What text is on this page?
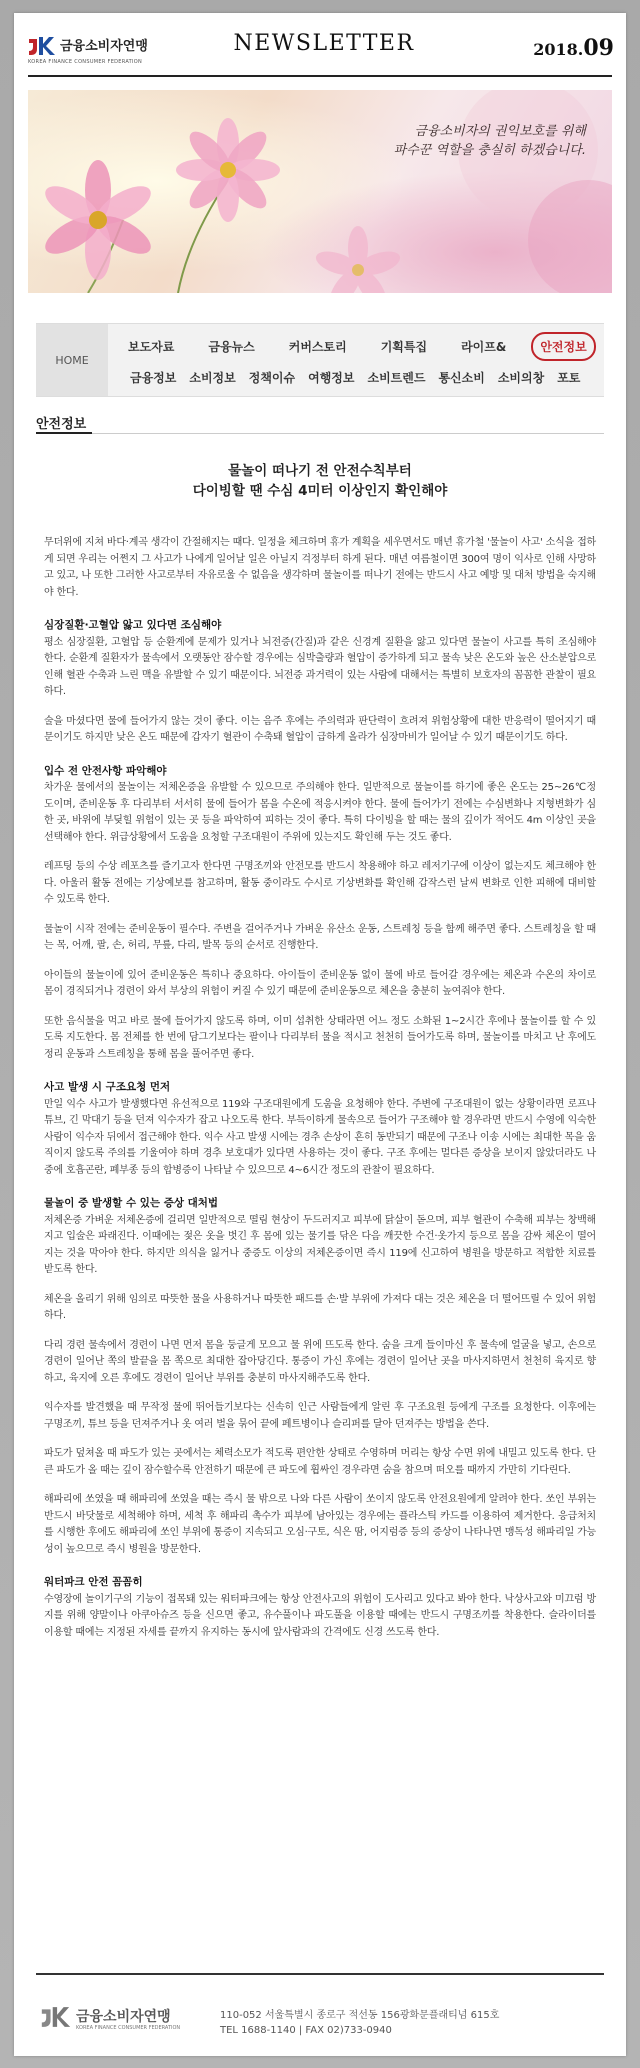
금융소비자연맹
KOREA FINANCE CONSUMER FEDERATION
NEWSLETTER	2018.09
금융소비자의 권익보호를 위해
파수꾼 역할을 충실히 하겠습니다.
HOME
보도자료	금융뉴스	커버스토리	기획특집	라이프&	안전정보
금융정보 소비정보 정책이슈 여행정보 소비트렌드 통신소비 소비의창 포토
안전정보
물놀이 떠나기 전 안전수칙부터
다이빙할 땐 수심 4미터 이상인지 확인해야

무더위에 지쳐 바다·계곡 생각이 간절해지는 때다. 일정을 체크하며 휴가 계획을 세우면서도 매년 휴가철 '물놀이 사고' 소식을 접하게 되면 우리는 어쩐지 그 사고가 나에게 일어날 일은 아닐지 걱정부터 하게 된다. 매년 여름철이면 300여 명이 익사로 인해 사망하고 있고, 나 또한 그러한 사고로부터 자유로울 수 없음을 생각하며 물놀이를 떠나기 전에는 반드시 사고 예방 및 대처 방법을 숙지해야 한다.

심장질환·고혈압 앓고 있다면 조심해야

평소 심장질환, 고혈압 등 순환계에 문제가 있거나 뇌전증(간질)과 같은 신경계 질환을 앓고 있다면 물놀이 사고를 특히 조심해야 한다. 순환계 질환자가 물속에서 오랫동안 잠수할 경우에는 심박출량과 혈압이 증가하게 되고 물속 낮은 온도와 높은 산소분압으로 인해 혈관 수축과 느린 맥을 유발할 수 있기 때문이다. 뇌전증 과거력이 있는 사람에 대해서는 특별히 보호자의 꼼꼼한 관찰이 필요하다.

술을 마셨다면 물에 들어가지 않는 것이 좋다. 이는 음주 후에는 주의력과 판단력이 흐려져 위험상황에 대한 반응력이 떨어지기 때문이기도 하지만 낮은 온도 때문에 갑자기 혈관이 수축돼 혈압이 급하게 올라가 심장마비가 일어날 수 있기 때문이기도 하다.

입수 전 안전사항 파악해야

차가운 물에서의 물놀이는 저체온증을 유발할 수 있으므로 주의해야 한다. 일반적으로 물놀이를 하기에 좋은 온도는 25~26℃정도이며, 준비운동 후 다리부터 서서히 물에 들어가 몸을 수온에 적응시켜야 한다. 물에 들어가기 전에는 수심변화나 지형변화가 심한 곳, 바위에 부딪힐 위험이 있는 곳 등을 파악하여 피하는 것이 좋다. 특히 다이빙을 할 때는 물의 깊이가 적어도 4m 이상인 곳을 선택해야 한다. 위급상황에서 도움을 요청할 구조대원이 주위에 있는지도 확인해 두는 것도 좋다.

레프팅 등의 수상 레포츠를 즐기고자 한다면 구명조끼와 안전모를 반드시 착용해야 하고 레저기구에 이상이 없는지도 체크해야 한다. 아울러 활동 전에는 기상예보를 참고하며, 활동 중이라도 수시로 기상변화를 확인해 갑작스런 날씨 변화로 인한 피해에 대비할 수 있도록 한다.

물놀이 시작 전에는 준비운동이 필수다. 주변을 걸어주거나 가벼운 유산소 운동, 스트레칭 등을 함께 해주면 좋다. 스트레칭을 할 때는 목, 어깨, 팔, 손, 허리, 무릎, 다리, 발목 등의 순서로 진행한다.

아이들의 물놀이에 있어 준비운동은 특히나 중요하다. 아이들이 준비운동 없이 물에 바로 들어갈 경우에는 체온과 수온의 차이로 몸이 경직되거나 경련이 와서 부상의 위험이 커질 수 있기 때문에 준비운동으로 체온을 충분히 높여줘야 한다.

또한 음식물을 먹고 바로 물에 들어가지 않도록 하며, 이미 섭취한 상태라면 어느 정도 소화된 1~2시간 후에나 물놀이를 할 수 있도록 지도한다. 몸 전체를 한 번에 담그기보다는 팔이나 다리부터 물을 적시고 천천히 들어가도록 하며, 물놀이를 마치고 난 후에도 정리 운동과 스트레칭을 통해 몸을 풀어주면 좋다.

사고 발생 시 구조요청 먼저

만일 익수 사고가 발생했다면 유선적으로 119와 구조대원에게 도움을 요청해야 한다. 주변에 구조대원이 없는 상황이라면 로프나 튜브, 긴 막대기 등을 던져 익수자가 잡고 나오도록 한다. 부득이하게 물속으로 들어가 구조해야 할 경우라면 반드시 수영에 익숙한 사람이 익수자 뒤에서 접근해야 한다. 익수 사고 발생 시에는 경추 손상이 흔히 동반되기 때문에 구조나 이송 시에는 최대한 목을 움직이지 않도록 주의를 기울여야 하며 경추 보호대가 있다면 사용하는 것이 좋다. 구조 후에는 멀다른 증상을 보이지 않았더라도 나중에 호흡곤란, 폐부종 등의 합병증이 나타날 수 있으므로 4~6시간 정도의 관찰이 필요하다.

물놀이 중 발생할 수 있는 증상 대처법

저체온증 가벼운 저체온증에 걸리면 일반적으로 떨림 현상이 두드러지고 피부에 닭살이 돋으며, 피부 혈관이 수축해 피부는 창백해지고 입술은 파래진다. 이때에는 젖은 옷을 벗긴 후 몸에 있는 물기를 닦은 다음 깨끗한 수건·옷가지 등으로 몸을 감싸 체온이 떨어지는 것을 막아야 한다. 하지만 의식을 잃거나 중증도 이상의 저체온증이면 즉시 119에 신고하여 병원을 방문하고 적합한 치료를 받도록 한다.

체온을 올리기 위해 임의로 따뜻한 물을 사용하거나 따뜻한 패드를 손·발 부위에 가져다 대는 것은 체온을 더 떨어뜨릴 수 있어 위험하다.

다리 경련 물속에서 경련이 나면 먼저 몸을 둥글게 모으고 물 위에 뜨도록 한다. 숨을 크게 들이마신 후 물속에 얼굴을 넣고, 손으로 경련이 일어난 쪽의 발끝을 몸 쪽으로 최대한 잡아당긴다. 통증이 가신 후에는 경련이 일어난 곳을 마사지하면서 천천히 육지로 향하고, 육지에 오른 후에도 경련이 일어난 부위를 충분히 마사지해주도록 한다.

익수자를 발견했을 때 무작정 물에 뛰어들기보다는 신속히 인근 사람들에게 알린 후 구조요원 등에게 구조를 요청한다. 이후에는 구명조끼, 튜브 등을 던져주거나 옷 여러 벌을 묶어 끝에 페트병이나 슬리퍼를 달아 던져주는 방법을 쓴다.

파도가 덮쳐올 때 파도가 있는 곳에서는 체력소모가 적도록 편안한 상태로 수영하며 머리는 항상 수면 위에 내밀고 있도록 한다. 단 큰 파도가 올 때는 깊이 잠수할수록 안전하기 때문에 큰 파도에 휩싸인 경우라면 숨을 참으며 떠오를 때까지 가만히 기다린다.

해파리에 쏘였을 때 해파리에 쏘였을 때는 즉시 물 밖으로 나와 다른 사람이 쏘이지 않도록 안전요원에게 알려야 한다. 쏘인 부위는 반드시 바닷물로 세척해야 하며, 세척 후 해파리 촉수가 피부에 남아있는 경우에는 플라스틱 카드를 이용하여 제거한다. 응급처치를 시행한 후에도 해파리에 쏘인 부위에 통증이 지속되고 오심·구토, 식은 땀, 어지럼증 등의 증상이 나타나면 맹독성 해파리일 가능성이 높으므로 즉시 병원을 방문한다.

워터파크 안전 꼼꼼히

수영장에 놀이기구의 기능이 접목돼 있는 워터파크에는 항상 안전사고의 위험이 도사리고 있다고 봐야 한다. 낙상사고와 미끄럼 방지를 위해 양말이나 아쿠아슈즈 등을 신으면 좋고, 유수풀이나 파도풀을 이용할 때에는 반드시 구명조끼를 착용한다. 슬라이더를 이용할 때에는 지정된 자세를 끝까지 유지하는 동시에 앞사람과의 간격에도 신경 쓰도록 한다.

금융소비자연맹
KOREA FINANCE CONSUMER FEDERATION
110-052 서울특별시 종로구 적선동 156광화문플래티넘 615호
TEL 1688-1140 | FAX 02)733-0940
